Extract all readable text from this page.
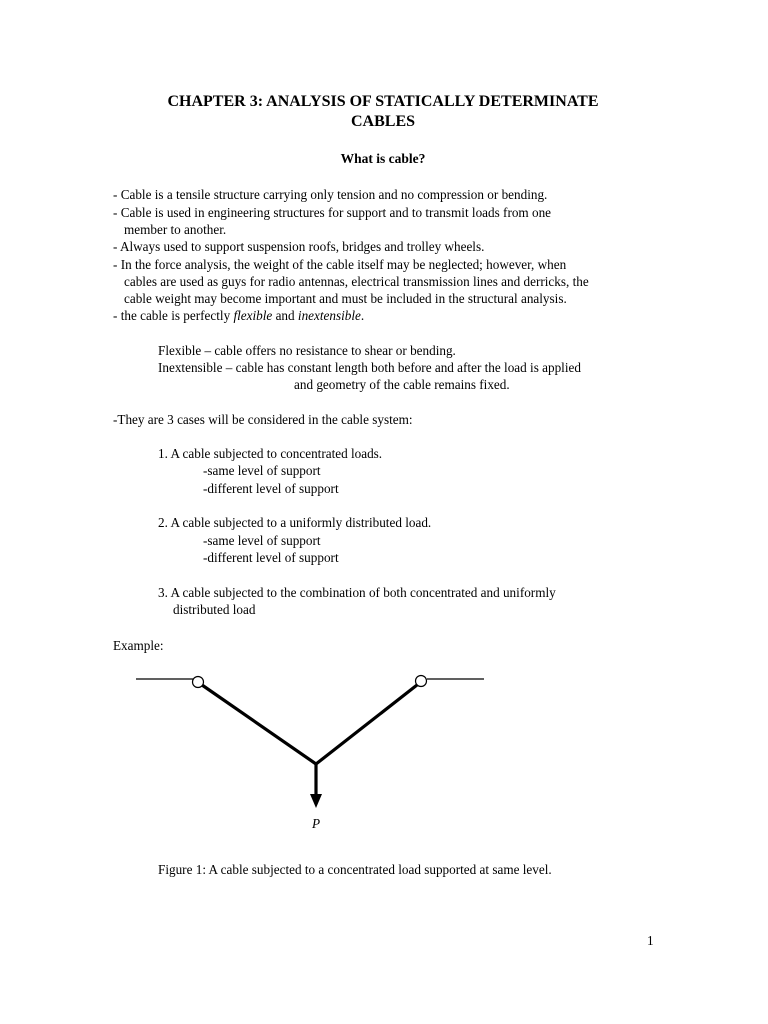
CHAPTER 3: ANALYSIS OF STATICALLY DETERMINATE
CABLES
What is cable?
- Cable is a tensile structure carrying only tension and no compression or bending.
- Cable is used in engineering structures for support and to transmit loads from one
member to another.
- Always used to support suspension roofs, bridges and trolley wheels.
- In the force analysis, the weight of the cable itself may be neglected; however, when
cables are used as guys for radio antennas, electrical transmission lines and derricks, the
cable weight may become important and must be included in the structural analysis.
- the cable is perfectly flexible and inextensible.
Flexible – cable offers no resistance to shear or bending.
Inextensible – cable has constant length both before and after the load is applied
and geometry of the cable remains fixed.
-They are 3 cases will be considered in the cable system:
1. A cable subjected to concentrated loads.
-same level of support
-different level of support
2. A cable subjected to a uniformly distributed load.
-same level of support
-different level of support
3. A cable subjected to the combination of both concentrated and uniformly
distributed load
Example:
P
Figure 1: A cable subjected to a concentrated load supported at same level.
1
